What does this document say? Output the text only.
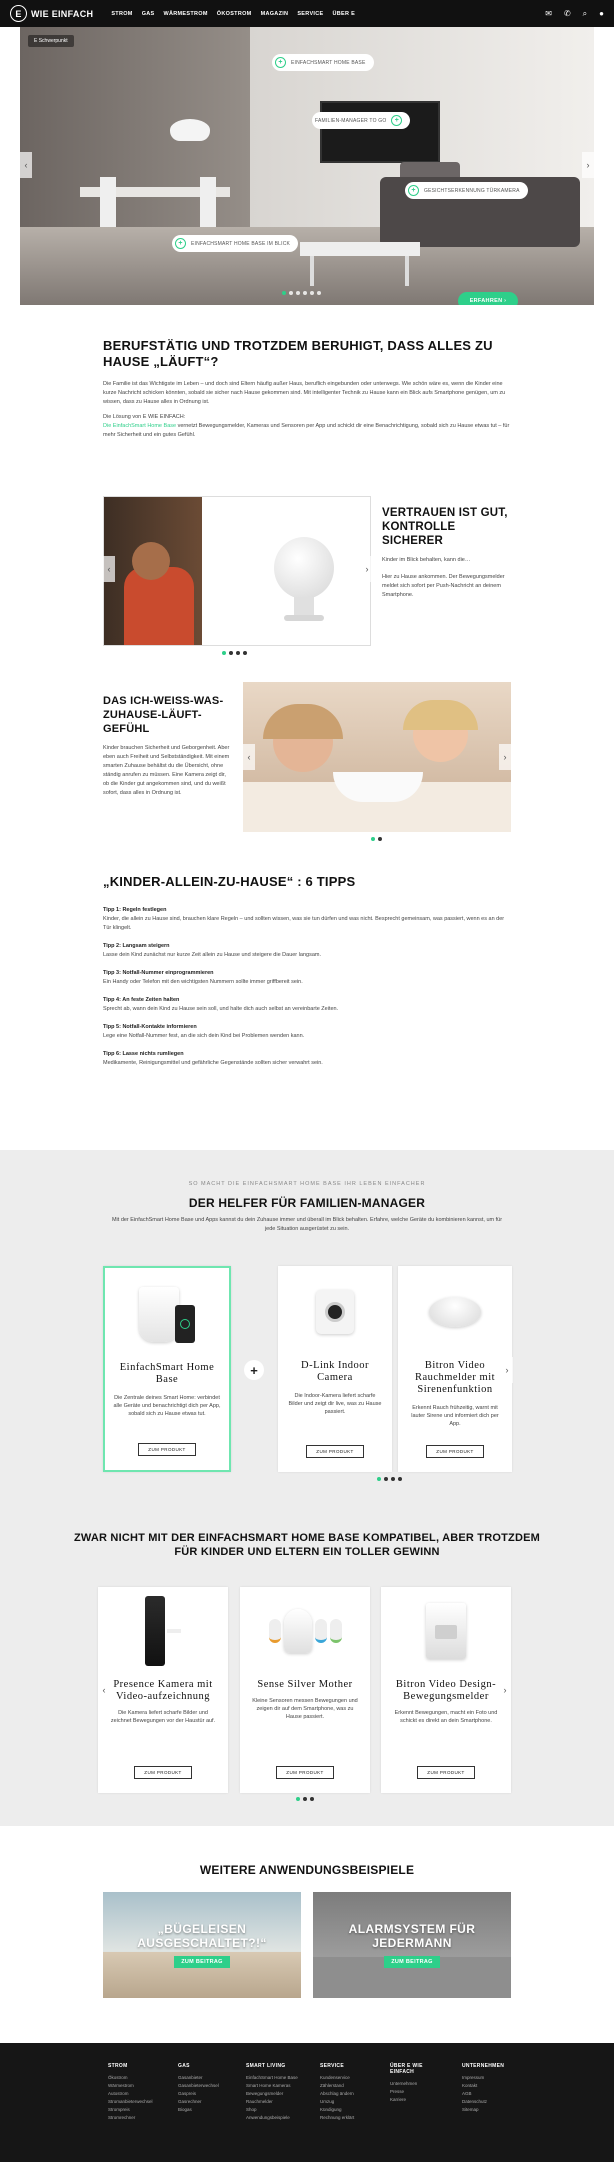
E	WIE EINFACH	STROM GAS WÄRMESTROM ÖKOSTROM MAGAZIN SERVICE ÜBER E	✉ ✆ ⌕ ●
E Schwerpunkt
+	EINFACHSMART HOME BASE
FAMILIEN-MANAGER TO GO	+
+	GESICHTSERKENNUNG TÜRKAMERA
+	EINFACHSMART HOME BASE IM BLICK
‹	›
ERFAHREN ›
BERUFSTÄTIG UND TROTZDEM BERUHIGT, DASS ALLES ZU HAUSE „LÄUFT“?

Die Familie ist das Wichtigste im Leben – und doch sind Eltern häufig außer Haus, beruflich eingebunden oder unterwegs. Wie schön wäre es, wenn die Kinder eine kurze Nachricht schicken könnten, sobald sie sicher nach Hause gekommen sind. Mit intelligenter Technik zu Hause kann ein Blick aufs Smartphone genügen, um zu wissen, dass zu Hause alles in Ordnung ist.

Die Lösung von E WIE EINFACH:
Die EinfachSmart Home Base vernetzt Bewegungsmelder, Kameras und Sensoren per App und schickt dir eine Benachrichtigung, sobald sich zu Hause etwas tut – für mehr Sicherheit und ein gutes Gefühl.

‹	›
VERTRAUEN IST GUT, KONTROLLE SICHERER

Kinder im Blick behalten, kann die…

Hier zu Hause ankommen. Der Bewegungsmelder meldet sich sofort per Push-Nachricht an deinem Smartphone.

DAS ICH-WEISS-WAS-ZUHAUSE-LÄUFT-GEFÜHL

Kinder brauchen Sicherheit und Geborgenheit. Aber eben auch Freiheit und Selbstständigkeit. Mit einem smarten Zuhause behältst du die Übersicht, ohne ständig anrufen zu müssen. Eine Kamera zeigt dir, ob die Kinder gut angekommen sind, und du weißt sofort, dass alles in Ordnung ist.

‹	›
„KINDER-ALLEIN-ZU-HAUSE“ : 6 TIPPS

Tipp 1: Regeln festlegen

Kinder, die allein zu Hause sind, brauchen klare Regeln – und sollten wissen, was sie tun dürfen und was nicht. Besprecht gemeinsam, was passiert, wenn es an der Tür klingelt.

Tipp 2: Langsam steigern

Lasse dein Kind zunächst nur kurze Zeit allein zu Hause und steigere die Dauer langsam.

Tipp 3: Notfall-Nummer einprogrammieren

Ein Handy oder Telefon mit den wichtigsten Nummern sollte immer griffbereit sein.

Tipp 4: An feste Zeiten halten

Sprecht ab, wann dein Kind zu Hause sein soll, und halte dich auch selbst an vereinbarte Zeiten.

Tipp 5: Notfall-Kontakte informieren

Lege eine Notfall-Nummer fest, an die sich dein Kind bei Problemen wenden kann.

Tipp 6: Lasse nichts rumliegen

Medikamente, Reinigungsmittel und gefährliche Gegenstände sollten sicher verwahrt sein.

SO MACHT DIE EINFACHSMART HOME BASE IHR LEBEN EINFACHER

DER HELFER FÜR FAMILIEN-MANAGER

Mit der EinfachSmart Home Base und Apps kannst du dein Zuhause immer und überall im Blick behalten. Erfahre, welche Geräte du kombinieren kannst, um für jede Situation ausgerüstet zu sein.

EinfachSmart Home Base

Die Zentrale deines Smart Home: verbindet alle Geräte und benachrichtigt dich per App, sobald sich zu Hause etwas tut.

ZUM PRODUKT
+	D-Link Indoor Camera

Die Indoor-Kamera liefert scharfe Bilder und zeigt dir live, was zu Hause passiert.

ZUM PRODUKT
Bitron Video Rauchmelder mit Sirenenfunktion

Erkennt Rauch frühzeitig, warnt mit lauter Sirene und informiert dich per App.

ZUM PRODUKT
›
ZWAR NICHT MIT DER EINFACHSMART HOME BASE KOMPATIBEL, ABER TROTZDEM FÜR KINDER UND ELTERN EIN TOLLER GEWINN
Presence Kamera mit Video-aufzeichnung

Die Kamera liefert scharfe Bilder und zeichnet Bewegungen vor der Haustür auf.

ZUM PRODUKT
Sense Silver Mother

Kleine Sensoren messen Bewegungen und zeigen dir auf dem Smartphone, was zu Hause passiert.

ZUM PRODUKT
Bitron Video Design-Bewegungsmelder

Erkennt Bewegungen, macht ein Foto und schickt es direkt an dein Smartphone.

ZUM PRODUKT
‹	›
WEITERE ANWENDUNGSBEISPIELE
„BÜGELEISEN AUSGESCHALTET?!“
ZUM BEITRAG
ALARMSYSTEM FÜR JEDERMANN
ZUM BEITRAG
STROM
Ökostrom
Wärmestrom
Autostrom
Stromanbieterwechsel
Strompreis
Stromrechner
GAS
Gasanbieter
Gasanbieterwechsel
Gaspreis
Gasrechner
Biogas
SMART LIVING
EinfachSmart Home Base
Smart Home Kameras
Bewegungsmelder
Rauchmelder
Shop
Anwendungsbeispiele
SERVICE
Kundenservice
Zählerstand
Abschlag ändern
Umzug
Kündigung
Rechnung erklärt
ÜBER E WIE EINFACH
Unternehmen
Presse
Karriere
UNTERNEHMEN
Impressum
Kontakt
AGB
Datenschutz
Sitemap
